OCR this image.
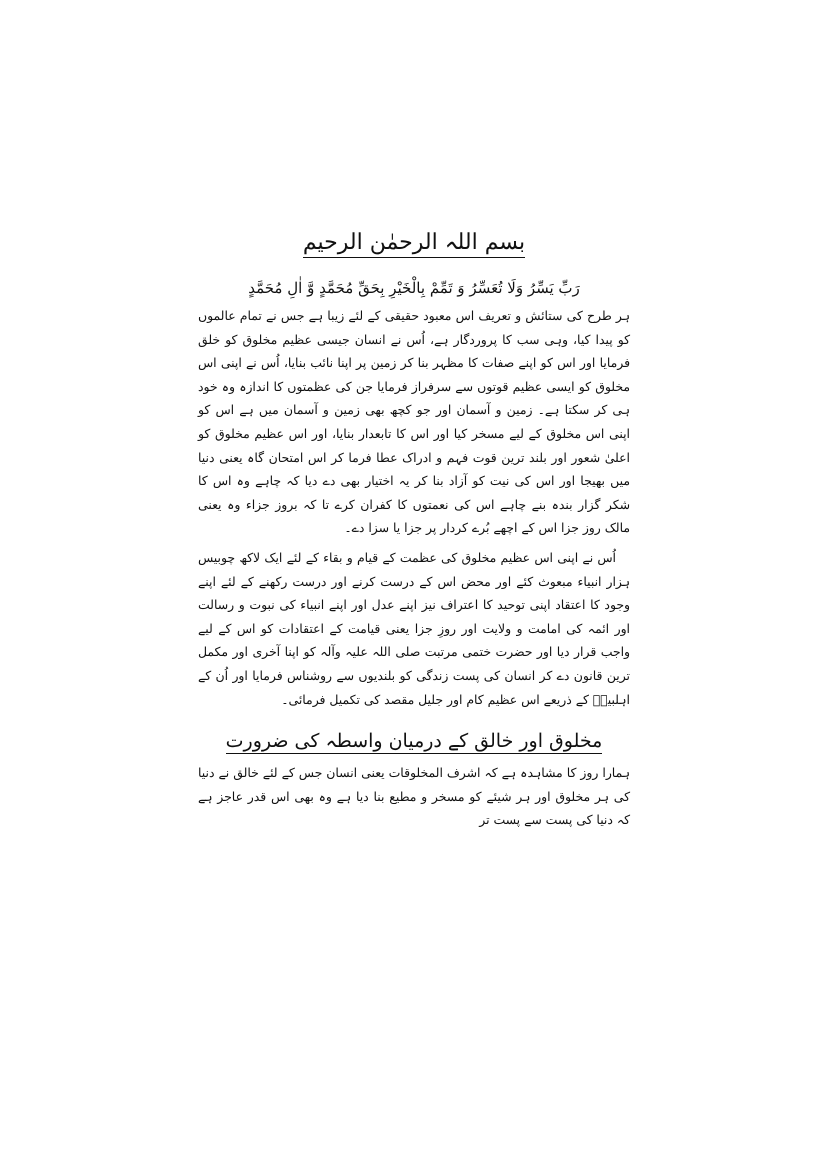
بسم اللہ الرحمٰن الرحیم
رَبِّ یَسِّرُ وَلَا تُعَسِّرُ وَ تَمِّمْ بِالْخَیْرِ بِحَقِّ مُحَمَّدٍ وَّ اٰلِ مُحَمَّدٍ

ہر طرح کی ستائش و تعریف اس معبود حقیقی کے لئے زیبا ہے جس نے تمام عالموں کو پیدا کیا، وہی سب کا پروردگار ہے، اُس نے انسان جیسی عظیم مخلوق کو خلق فرمایا اور اس کو اپنے صفات کا مظہر بنا کر زمین پر اپنا نائب بنایا، اُس نے اپنی اس مخلوق کو ایسی عظیم قوتوں سے سرفراز فرمایا جن کی عظمتوں کا اندازہ وہ خود ہی کر سکتا ہے۔ زمین و آسمان اور جو کچھ بھی زمین و آسمان میں ہے اس کو اپنی اس مخلوق کے لیے مسخر کیا اور اس کا تابعدار بنایا، اور اس عظیم مخلوق کو اعلیٰ شعور اور بلند ترین قوت فہم و ادراک عطا فرما کر اس امتحان گاہ یعنی دنیا میں بھیجا اور اس کی نیت کو آزاد بنا کر یہ اختیار بھی دے دیا کہ چاہے وہ اس کا شکر گزار بندہ بنے چاہے اس کی نعمتوں کا کفران کرے تا کہ بروز جزاء وہ یعنی مالک روز جزا اس کے اچھے بُرے کردار پر جزا یا سزا دے۔

اُس نے اپنی اس عظیم مخلوق کی عظمت کے قیام و بقاء کے لئے ایک لاکھ چوبیس ہزار انبیاء مبعوث کئے اور محض اس کے درست کرنے اور درست رکھنے کے لئے اپنے وجود کا اعتقاد اپنی توحید کا اعتراف نیز اپنے عدل اور اپنے انبیاء کی نبوت و رسالت اور ائمہ کی امامت و ولایت اور روزِ جزا یعنی قیامت کے اعتقادات کو اس کے لیے واجب قرار دیا اور حضرت ختمی مرتبت صلی اللہ علیہ وآلہ کو اپنا آخری اور مکمل ترین قانون دے کر انسان کی پست زندگی کو بلندیوں سے روشناس فرمایا اور اُن کے اہلبیتؑ کے ذریعے اس عظیم کام اور جلیل مقصد کی تکمیل فرمائی۔

مخلوق اور خالق کے درمیان واسطہ کی ضرورت

ہمارا روز کا مشاہدہ ہے کہ اشرف المخلوقات یعنی انسان جس کے لئے خالق نے دنیا کی ہر مخلوق اور ہر شیئے کو مسخر و مطیع بنا دیا ہے وہ بھی اس قدر عاجز ہے کہ دنیا کی پست سے پست تر
